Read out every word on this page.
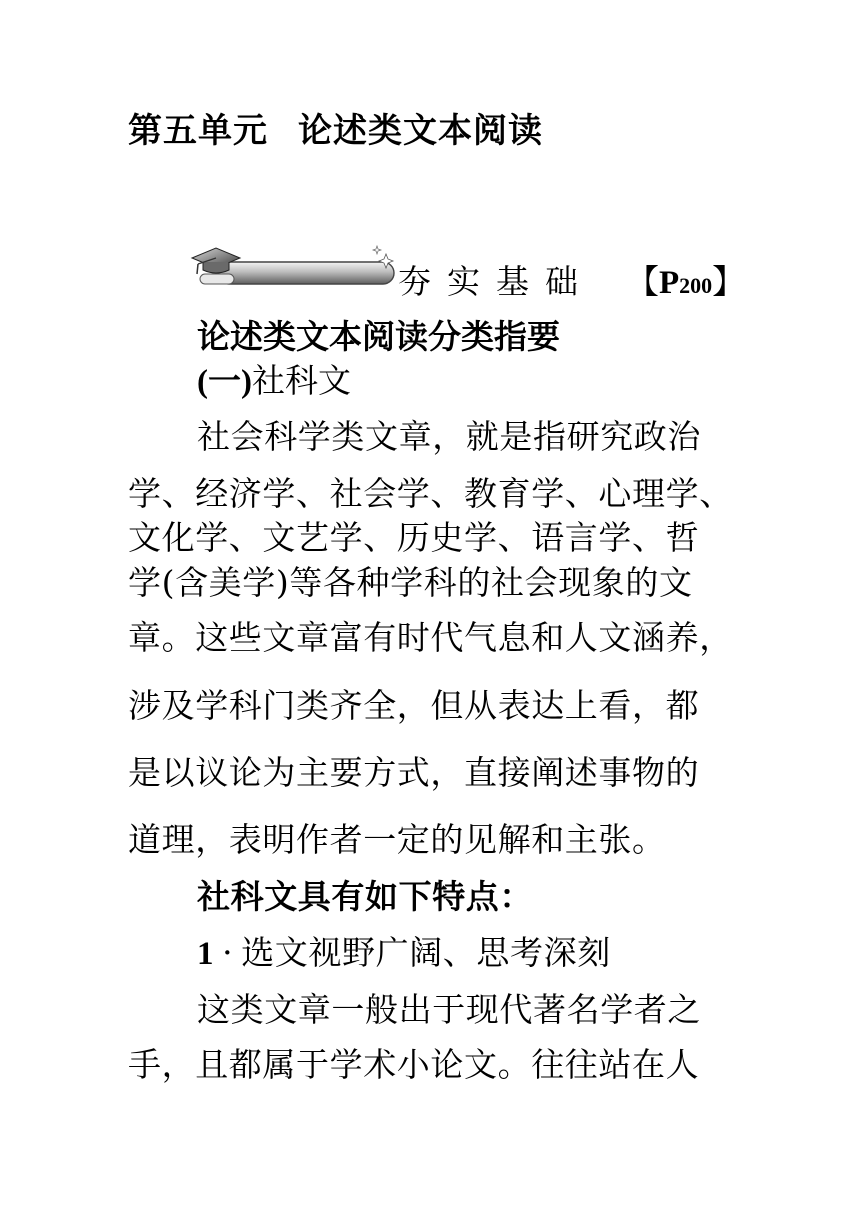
第五单元 论述类文本阅读
夯实基础 【P200】
论述类文本阅读分类指要
(一)社科文
社会科学类文章，就是指研究政治
学、经济学、社会学、教育学、心理学、
文化学、文艺学、历史学、语言学、哲
学(含美学)等各种学科的社会现象的文
章。这些文章富有时代气息和人文涵养，
涉及学科门类齐全，但从表达上看，都
是以议论为主要方式，直接阐述事物的
道理，表明作者一定的见解和主张。
社科文具有如下特点：
1 · 选文视野广阔、思考深刻
这类文章一般出于现代著名学者之
手，且都属于学术小论文。往往站在人
